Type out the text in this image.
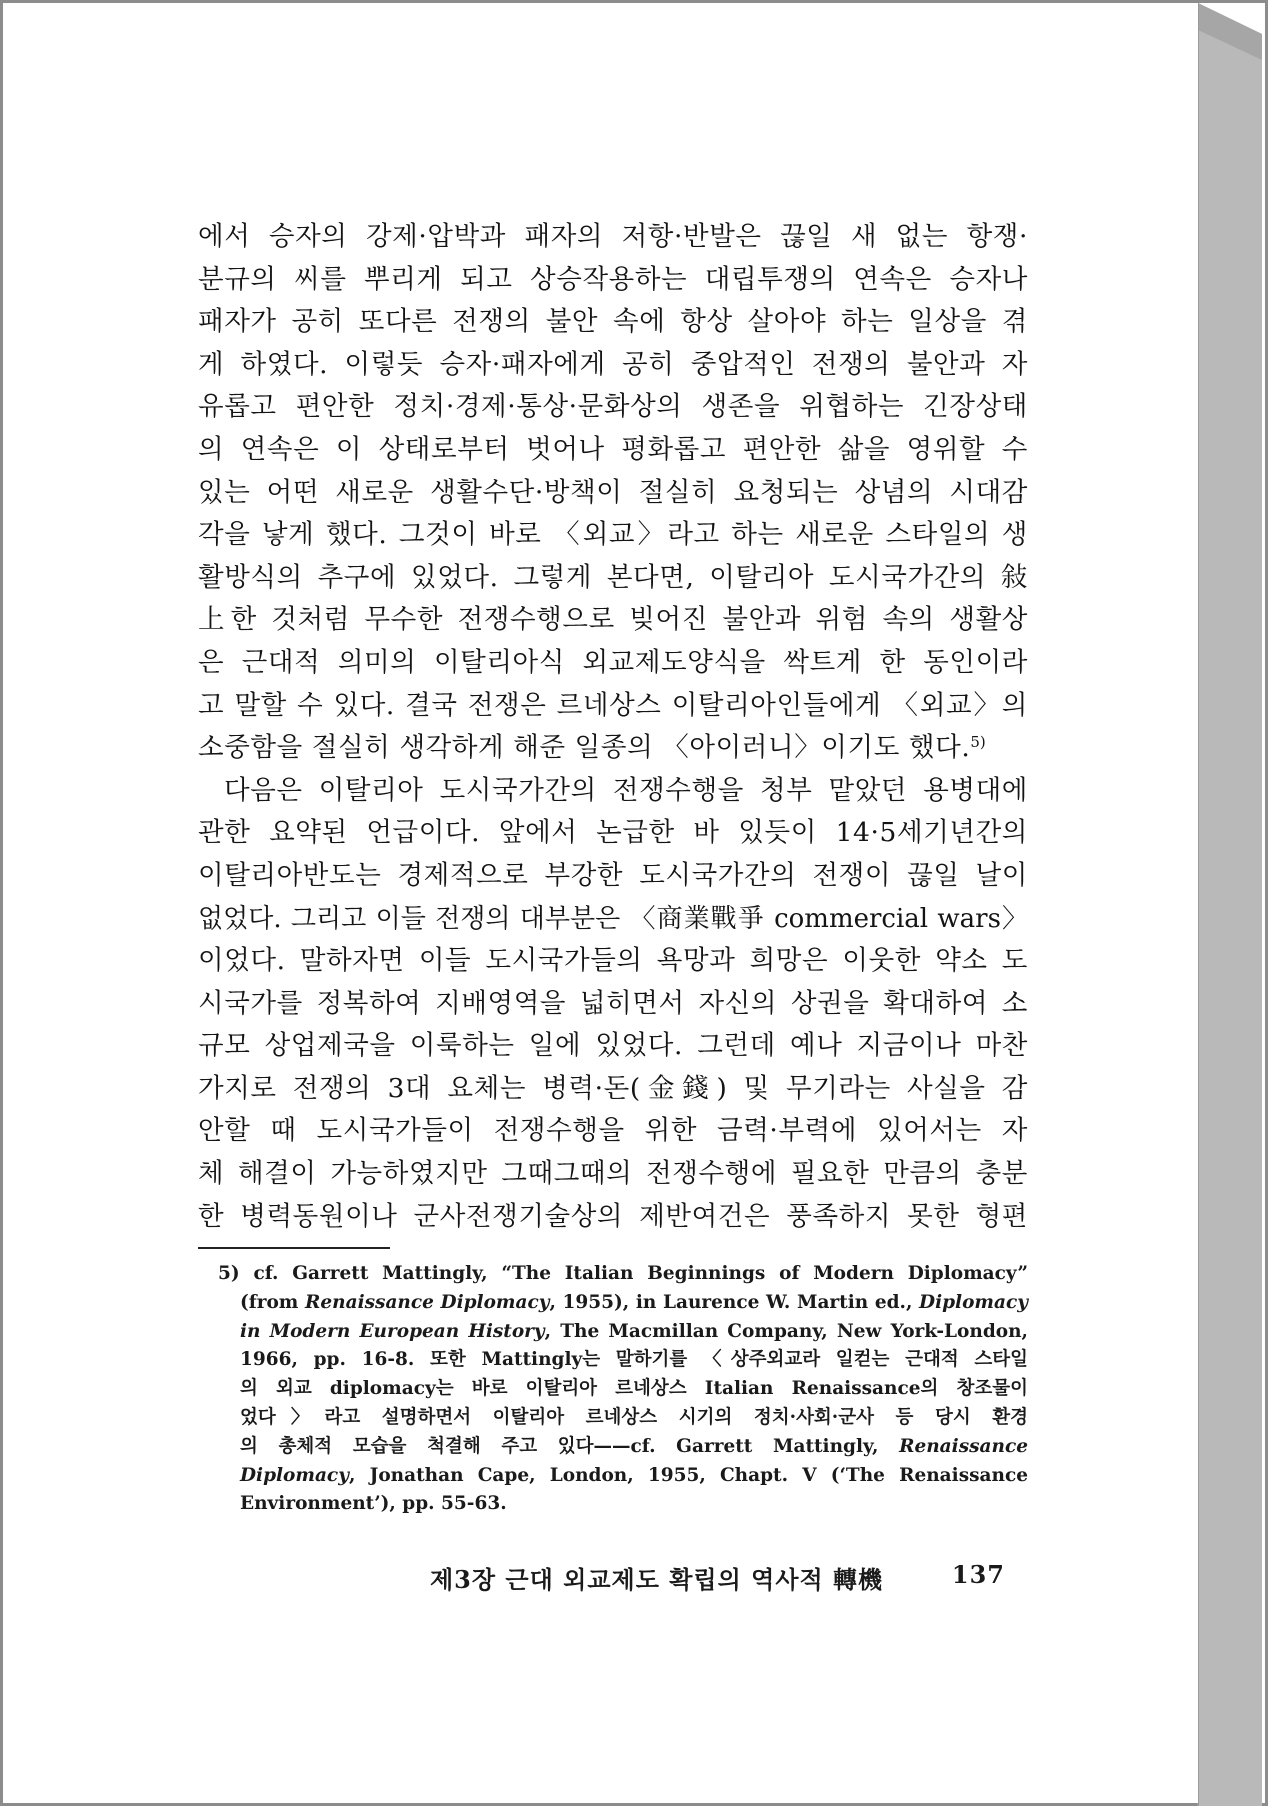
에서 승자의 강제·압박과 패자의 저항·반발은 끊일 새 없는 항쟁·
분규의 씨를 뿌리게 되고 상승작용하는 대립투쟁의 연속은 승자나
패자가 공히 또다른 전쟁의 불안 속에 항상 살아야 하는 일상을 겪
게 하였다. 이렇듯 승자·패자에게 공히 중압적인 전쟁의 불안과 자
유롭고 편안한 정치·경제·통상·문화상의 생존을 위협하는 긴장상태
의 연속은 이 상태로부터 벗어나 평화롭고 편안한 삶을 영위할 수
있는 어떤 새로운 생활수단·방책이 절실히 요청되는 상념의 시대감
각을 낳게 했다. 그것이 바로 〈외교〉라고 하는 새로운 스타일의 생
활방식의 추구에 있었다. 그렇게 본다면, 이탈리아 도시국가간의 敍
上한 것처럼 무수한 전쟁수행으로 빚어진 불안과 위험 속의 생활상
은 근대적 의미의 이탈리아식 외교제도양식을 싹트게 한 동인이라
고 말할 수 있다. 결국 전쟁은 르네상스 이탈리아인들에게 〈외교〉의
소중함을 절실히 생각하게 해준 일종의 〈아이러니〉이기도 했다.$^{5)}$
다음은 이탈리아 도시국가간의 전쟁수행을 청부 맡았던 용병대에
관한 요약된 언급이다. 앞에서 논급한 바 있듯이 14·5세기년간의
이탈리아반도는 경제적으로 부강한 도시국가간의 전쟁이 끊일 날이
없었다. 그리고 이들 전쟁의 대부분은 〈商業戰爭 commercial wars〉
이었다. 말하자면 이들 도시국가들의 욕망과 희망은 이웃한 약소 도
시국가를 정복하여 지배영역을 넓히면서 자신의 상권을 확대하여 소
규모 상업제국을 이룩하는 일에 있었다. 그런데 예나 지금이나 마찬
가지로 전쟁의 3대 요체는 병력·돈(金錢) 및 무기라는 사실을 감
안할 때 도시국가들이 전쟁수행을 위한 금력·부력에 있어서는 자
체 해결이 가능하였지만 그때그때의 전쟁수행에 필요한 만큼의 충분
한 병력동원이나 군사전쟁기술상의 제반여건은 풍족하지 못한 형편
5) cf. Garrett Mattingly, “The Italian Beginnings of Modern Diplomacy”
(from Renaissance Diplomacy, 1955), in Laurence W. Martin ed., Diplomacy
in Modern European History, The Macmillan Company, New York-London,
1966, pp. 16-8. 또한 Mattingly는 말하기를 〈상주외교라 일컫는 근대적 스타일
의 외교 diplomacy는 바로 이탈리아 르네상스 Italian Renaissance의 창조물이
었다〉라고 설명하면서 이탈리아 르네상스 시기의 정치·사회·군사 등 당시 환경
의 총체적 모습을 척결해 주고 있다——cf. Garrett Mattingly, Renaissance
Diplomacy, Jonathan Cape, London, 1955, Chapt. V (‘The Renaissance
Environment’), pp. 55-63.
제3장 근대 외교제도 확립의 역사적 轉機	137
